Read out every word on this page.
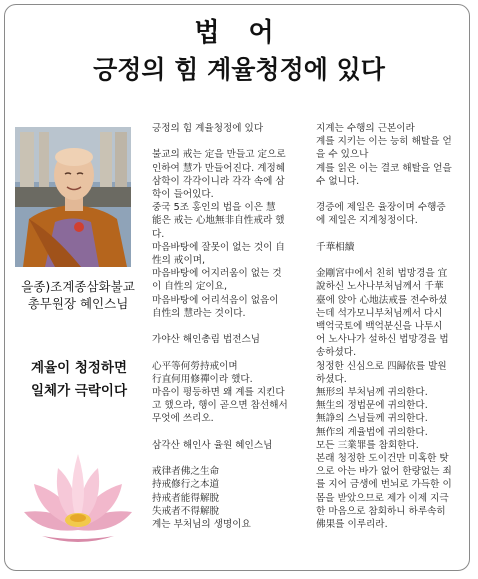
법 어
긍정의 힘 계율청정에 있다
을종)조계종삼화불교
총무원장 혜인스님
계율이 청정하면
일체가 극락이다
긍정의 힘 계율청정에 있다
불교의 戒는 定을 만들고 定으로
인하여 慧가 만들어진다. 계정혜
삼학이 각각이니라 각각 속에 삼
학이 들어있다.
중국 5조 홍인의 법을 이은 慧
能은 戒는 心地無非自性戒라 했
다.
마음바탕에 잘못이 없는 것이 自
性의 戒이며,
마음바탕에 어지러움이 없는 것
이 自性의 定이요,
마음바탕에 어리석음이 없음이
自性의 慧라는 것이다.
가야산 해인총림 법전스님
心平等何勞持戒이며
行直何用修禪이라 했다.
마음이 평등하면 왜 계를 지킨다
고 했으라, 행이 곧으면 참선해서
무엇에 쓰리오.
삼각산 해인사 율원 혜인스님
戒律者佛之生命
持戒修行之本道
持戒者能得解脫
失戒者不得解脫
계는 부처님의 생명이요
지계는 수행의 근본이라
계를 지키는 이는 능히 해탈을 얻
을 수 있으나
계를 읽은 이는 결코 해탈을 얻을
수 없니다.
경증에 제일은 율장이며 수행증
에 제일은 지계청정이다.
千華相續
金剛宮中에서 친히 법망경을 宜
說하신 노사나부처님께서 千華
臺에 앉아 心地法戒를 전수하셨
는데 석가모니부처님께서 다시
백억국토에 백억분신을 나투시
어 노사나가 설하신 법망경을 법
송하셨다.
청정한 신심으로 四歸依를 발원
하셨다.
無形의 부처님께 귀의한다.
無生의 정법문에 귀의한다.
無諍의 스님들께 귀의한다.
無作의 계율법에 귀의한다.
모든 三業罪를 참회한다.
본래 청정한 도이건만 미혹한 탓
으로 아는 바가 없어 한량없는 죄
를 지어 금생에 번뇌로 가득한 이
몸을 받았으므로 제가 이제 지극
한 마음으로 참회하니 하루속히
佛果를 이루리라.
